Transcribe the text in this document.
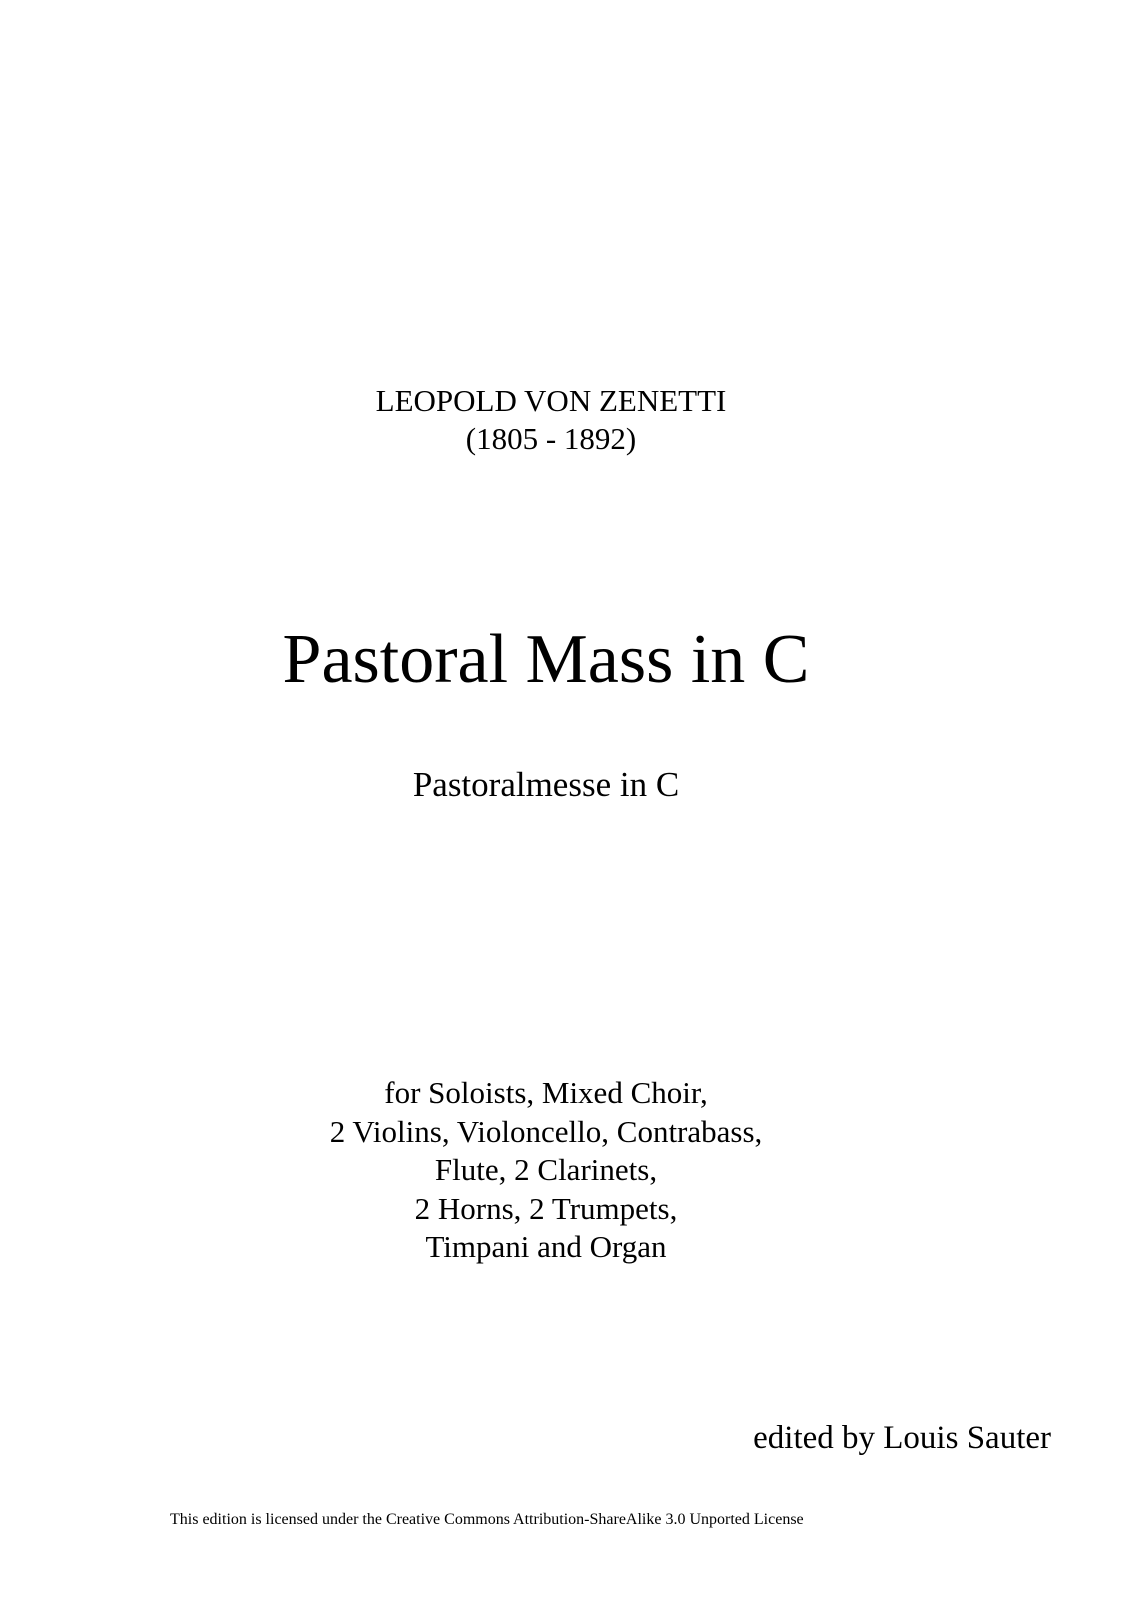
LEOPOLD VON ZENETTI
(1805 - 1892)
Pastoral Mass in C
Pastoralmesse in C
for Soloists, Mixed Choir,
2 Violins, Violoncello, Contrabass,
Flute, 2 Clarinets,
2 Horns, 2 Trumpets,
Timpani and Organ
edited by Louis Sauter
This edition is licensed under the Creative Commons Attribution-ShareAlike 3.0 Unported License
